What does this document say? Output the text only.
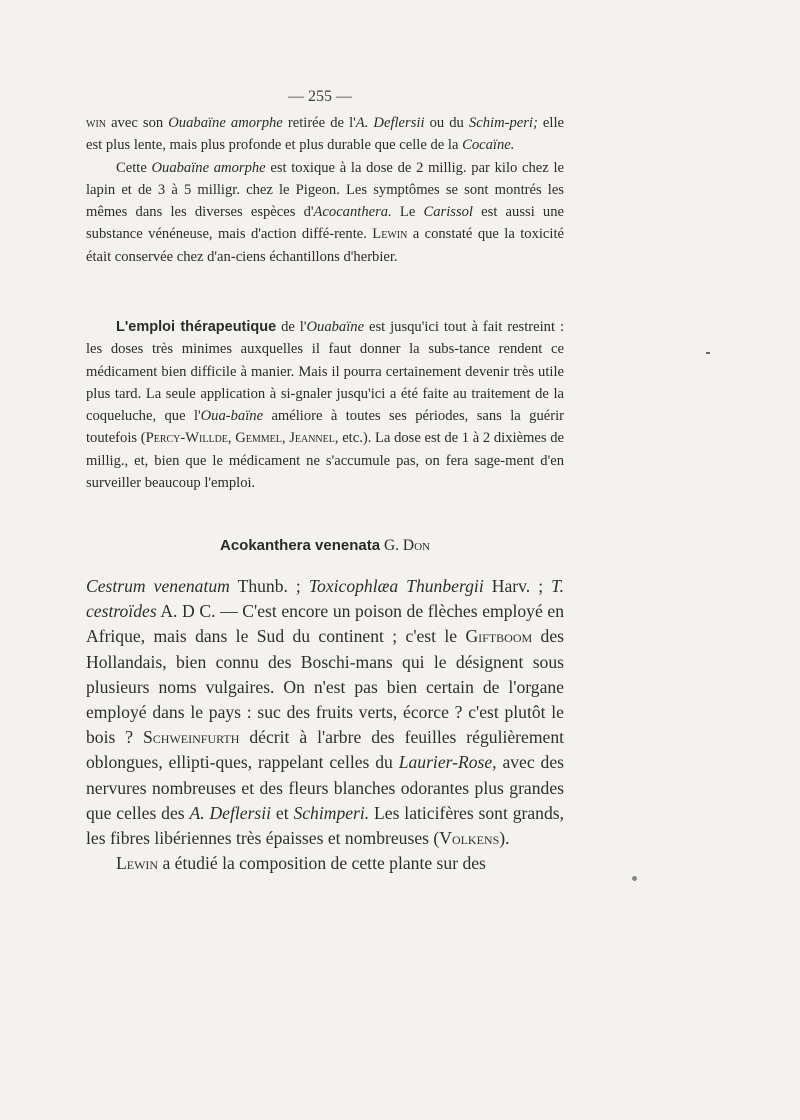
— 255 —

win avec son Ouabaïne amorphe retirée de l'A. Deflersii ou du Schim-peri; elle est plus lente, mais plus profonde et plus durable que celle de la Cocaïne.

Cette Ouabaïne amorphe est toxique à la dose de 2 millig. par kilo chez le lapin et de 3 à 5 milligr. chez le Pigeon. Les symptômes se sont montrés les mêmes dans les diverses espèces d'Acocanthera. Le Carissol est aussi une substance vénéneuse, mais d'action diffé-rente. Lewin a constaté que la toxicité était conservée chez d'an-ciens échantillons d'herbier.

L'emploi thérapeutique de l'Ouabaïne est jusqu'ici tout à fait restreint : les doses très minimes auxquelles il faut donner la subs-tance rendent ce médicament bien difficile à manier. Mais il pourra certainement devenir très utile plus tard. La seule application à si-gnaler jusqu'ici a été faite au traitement de la coqueluche, que l'Oua-baïne améliore à toutes ses périodes, sans la guérir toutefois (Percy-Willde, Gemmel, Jeannel, etc.). La dose est de 1 à 2 dixièmes de millig., et, bien que le médicament ne s'accumule pas, on fera sage-ment d'en surveiller beaucoup l'emploi.

Acokanthera venenata G. Don

Cestrum venenatum Thunb. ; Toxicophlæa Thunbergii Harv. ; T. cestroïdes A. D C. — C'est encore un poison de flèches employé en Afrique, mais dans le Sud du continent ; c'est le Giftboom des Hollandais, bien connu des Boschi-mans qui le désignent sous plusieurs noms vulgaires. On n'est pas bien certain de l'organe employé dans le pays : suc des fruits verts, écorce ? c'est plutôt le bois ? Schweinfurth décrit à l'arbre des feuilles régulièrement oblongues, ellipti-ques, rappelant celles du Laurier-Rose, avec des nervures nombreuses et des fleurs blanches odorantes plus grandes que celles des A. Deflersii et Schimperi. Les laticifères sont grands, les fibres libériennes très épaisses et nombreuses (Volkens).

Lewin a étudié la composition de cette plante sur des
